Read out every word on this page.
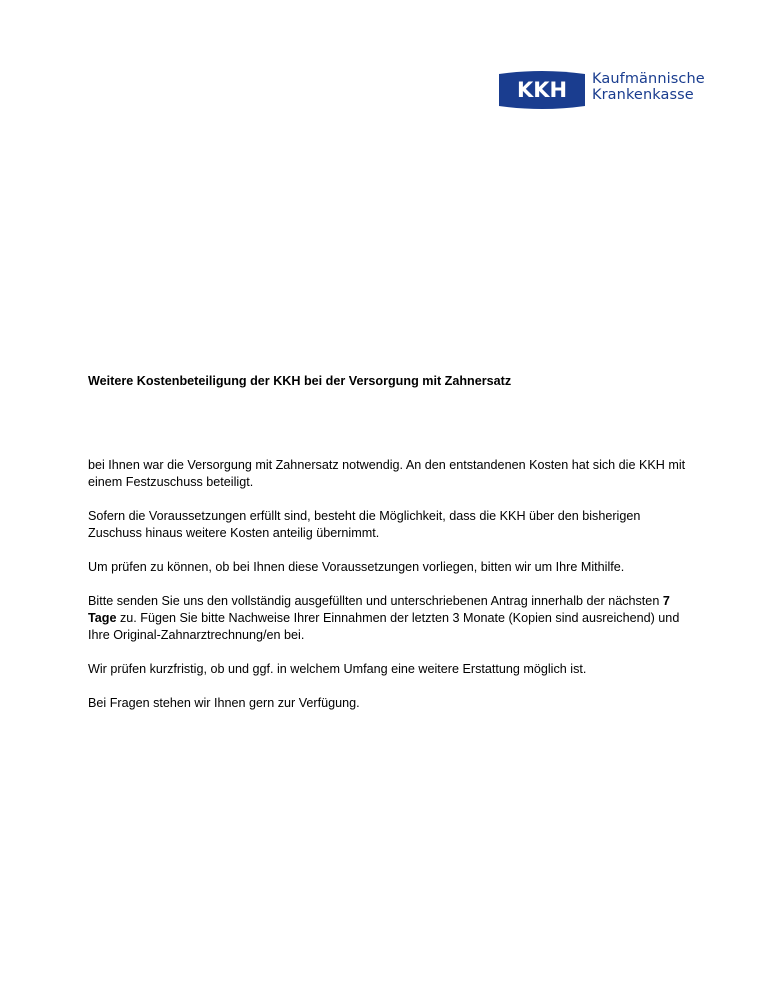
KKH Kaufmännische
Krankenkasse

Weitere Kostenbeteiligung der KKH bei der Versorgung mit Zahnersatz

bei Ihnen war die Versorgung mit Zahnersatz notwendig. An den entstandenen Kosten hat sich die KKH mit einem Festzuschuss beteiligt.

Sofern die Voraussetzungen erfüllt sind, besteht die Möglichkeit, dass die KKH über den bisherigen Zuschuss hinaus weitere Kosten anteilig übernimmt.

Um prüfen zu können, ob bei Ihnen diese Voraussetzungen vorliegen, bitten wir um Ihre Mithilfe.

Bitte senden Sie uns den vollständig ausgefüllten und unterschriebenen Antrag innerhalb der nächsten 7 Tage zu. Fügen Sie bitte Nachweise Ihrer Einnahmen der letzten 3 Monate (Kopien sind ausreichend) und Ihre Original-Zahnarztrechnung/en bei.

Wir prüfen kurzfristig, ob und ggf. in welchem Umfang eine weitere Erstattung möglich ist.

Bei Fragen stehen wir Ihnen gern zur Verfügung.
